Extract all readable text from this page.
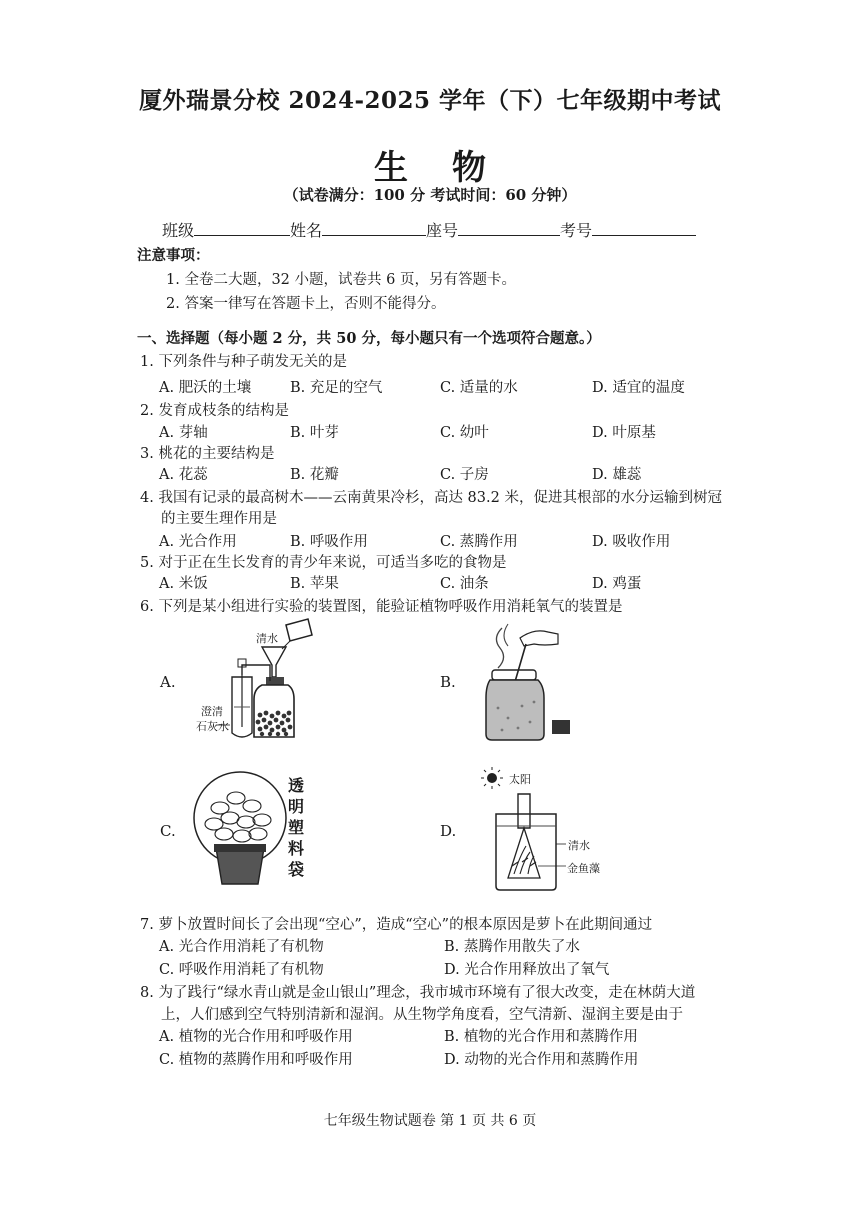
厦外瑞景分校 2024-2025 学年（下）七年级期中考试
生 物
（试卷满分：100 分 考试时间：60 分钟）
班级	姓名	座号	考号
注意事项：
1. 全卷二大题，32 小题，试卷共 6 页，另有答题卡。
2. 答案一律写在答题卡上，否则不能得分。
一、选择题（每小题 2 分，共 50 分，每小题只有一个选项符合题意。）
1. 下列条件与种子萌发无关的是
A. 肥沃的土壤	B. 充足的空气	C. 适量的水	D. 适宜的温度
2. 发育成枝条的结构是
A. 芽轴	B. 叶芽	C. 幼叶	D. 叶原基
3. 桃花的主要结构是
A. 花蕊	B. 花瓣	C. 子房	D. 雄蕊
4. 我国有记录的最高树木——云南黄果冷杉，高达 83.2 米，促进其根部的水分运输到树冠
的主要生理作用是
A. 光合作用	B. 呼吸作用	C. 蒸腾作用	D. 吸收作用
5. 对于正在生长发育的青少年来说，可适当多吃的食物是
A. 米饭	B. 苹果	C. 油条	D. 鸡蛋
6. 下列是某小组进行实验的装置图，能验证植物呼吸作用消耗氧气的装置是
A.	B.
C.	D.
清水
澄清
石灰水
透
明
塑
料
袋
太阳
清水
金鱼藻
7. 萝卜放置时间长了会出现“空心”，造成“空心”的根本原因是萝卜在此期间通过
A. 光合作用消耗了有机物	B. 蒸腾作用散失了水
C. 呼吸作用消耗了有机物	D. 光合作用释放出了氧气
8. 为了践行“绿水青山就是金山银山”理念，我市城市环境有了很大改变，走在林荫大道
上，人们感到空气特别清新和湿润。从生物学角度看，空气清新、湿润主要是由于
A. 植物的光合作用和呼吸作用	B. 植物的光合作用和蒸腾作用
C. 植物的蒸腾作用和呼吸作用	D. 动物的光合作用和蒸腾作用
七年级生物试题卷 第 1 页 共 6 页
